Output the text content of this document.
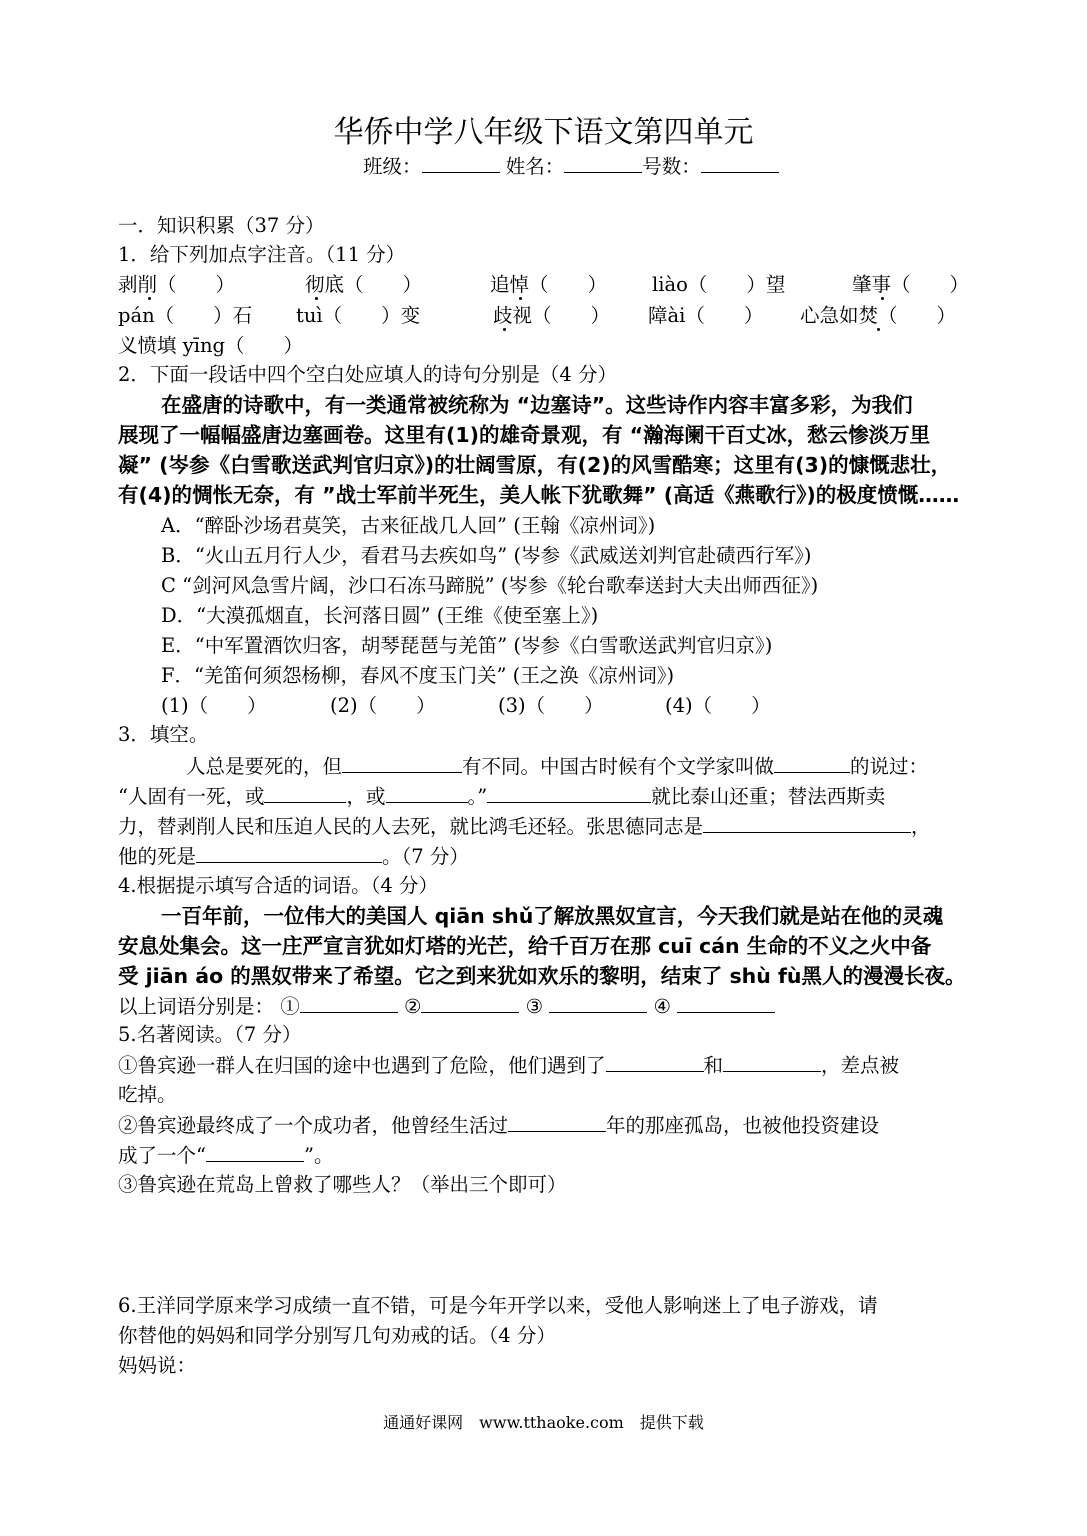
华侨中学八年级下语文第四单元
班级：	姓名：	号数：
一．知识积累（37 分）
1．给下列加点字注音。（11 分）
剥削（　　）	彻底（　　）	追悼（　　） liào（　　）望	肇事（　　）
pán（　　）石 tuì（　　）变	歧视（　　） 障ài（　　） 心急如焚（　　）
义愤填 yīng（　　）
2．下面一段话中四个空白处应填人的诗句分别是（4 分）
在盛唐的诗歌中，有一类通常被统称为 “边塞诗”。这些诗作内容丰富多彩，为我们
展现了一幅幅盛唐边塞画卷。这里有(1)的雄奇景观，有 “瀚海阑干百丈冰，愁云惨淡万里
凝” (岑参《白雪歌送武判官归京》)的壮阔雪原，有(2)的风雪酷寒；这里有(3)的慷慨悲壮，
有(4)的惆怅无奈，有 ”战士军前半死生，美人帐下犹歌舞” (高适《燕歌行》)的极度愤慨……
A．“醉卧沙场君莫笑，古来征战几人回” (王翰《凉州词》)
B．“火山五月行人少，看君马去疾如鸟” (岑参《武威送刘判官赴碛西行军》)
C “剑河风急雪片阔，沙口石冻马蹄脱” (岑参《轮台歌奉送封大夫出师西征》)
D．“大漠孤烟直，长河落日圆” (王维《使至塞上》)
E．“中军置酒饮归客，胡琴琵琶与羌笛” (岑参《白雪歌送武判官归京》)
F．“羌笛何须怨杨柳，春风不度玉门关” (王之涣《凉州词》)
(1)（　　）	(2)（　　）	(3)（　　）	(4)（　　）
3．填空。
人总是要死的，但	有不同。中国古时候有个文学家叫做	的说过：
“人固有一死，或	，或	。”	就比泰山还重；替法西斯卖
力，替剥削人民和压迫人民的人去死，就比鸿毛还轻。张思德同志是	，
他的死是	。（7 分）
4.根据提示填写合适的词语。（4 分）
一百年前，一位伟大的美国人 qiān shǔ了解放黑奴宣言，今天我们就是站在他的灵魂
安息处集会。这一庄严宣言犹如灯塔的光芒，给千百万在那 cuī cán 生命的不义之火中备
受 jiān áo 的黑奴带来了希望。它之到来犹如欢乐的黎明，结束了 shù fù黑人的漫漫长夜。
以上词语分别是： ①	②	③	④
5.名著阅读。（7 分）
①鲁宾逊一群人在归国的途中也遇到了危险，他们遇到了	和	，差点被
吃掉。
②鲁宾逊最终成了一个成功者，他曾经生活过	年的那座孤岛，也被他投资建设
成了一个“	”。
③鲁宾逊在荒岛上曾救了哪些人？（举出三个即可）
6.王洋同学原来学习成绩一直不错，可是今年开学以来，受他人影响迷上了电子游戏，请
你替他的妈妈和同学分别写几句劝戒的话。（4 分）
妈妈说：
通通好课网　www.tthaoke.com　提供下载
